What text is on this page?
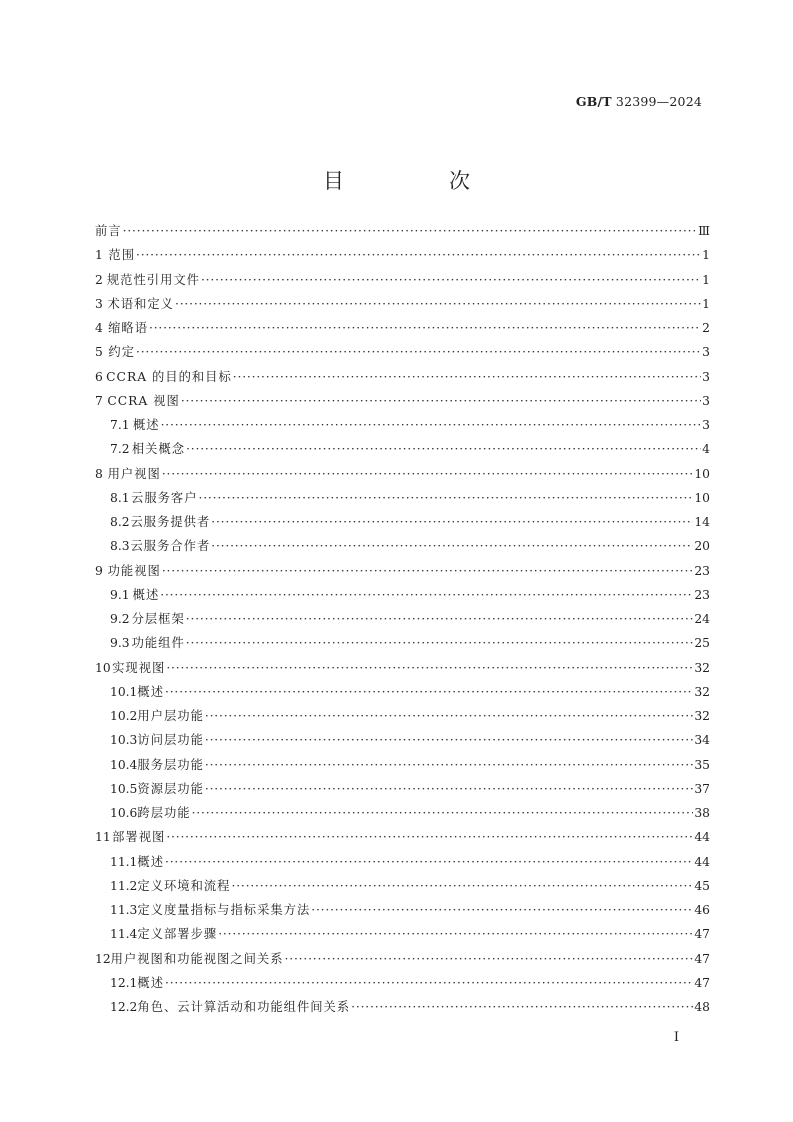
GB/T 32399—2024
目　次
前言 ·····	Ⅲ
1 范围 ·····	1
2 规范性引用文件 ·····	1
3 术语和定义 ·····	1
4 缩略语 ·····	2
5 约定 ·····	3
6 CCRA 的目的和目标 ·····	3
7 CCRA 视图 ·····	3
7.1 概述 ·····	3
7.2 相关概念 ·····	4
8 用户视图 ·····	10
8.1 云服务客户 ·····	10
8.2 云服务提供者 ·····	14
8.3 云服务合作者 ·····	20
9 功能视图 ·····	23
9.1 概述 ·····	23
9.2 分层框架 ·····	24
9.3 功能组件 ·····	25
10 实现视图 ·····	32
10.1 概述 ·····	32
10.2 用户层功能 ·····	32
10.3 访问层功能 ·····	34
10.4 服务层功能 ·····	35
10.5 资源层功能 ·····	37
10.6 跨层功能 ·····	38
11 部署视图 ·····	44
11.1 概述 ·····	44
11.2 定义环境和流程 ·····	45
11.3 定义度量指标与指标采集方法 ·····	46
11.4 定义部署步骤 ·····	47
12 用户视图和功能视图之间关系 ·····	47
12.1 概述 ·····	47
12.2 角色、云计算活动和功能组件间关系 ·····	48
Ⅰ
